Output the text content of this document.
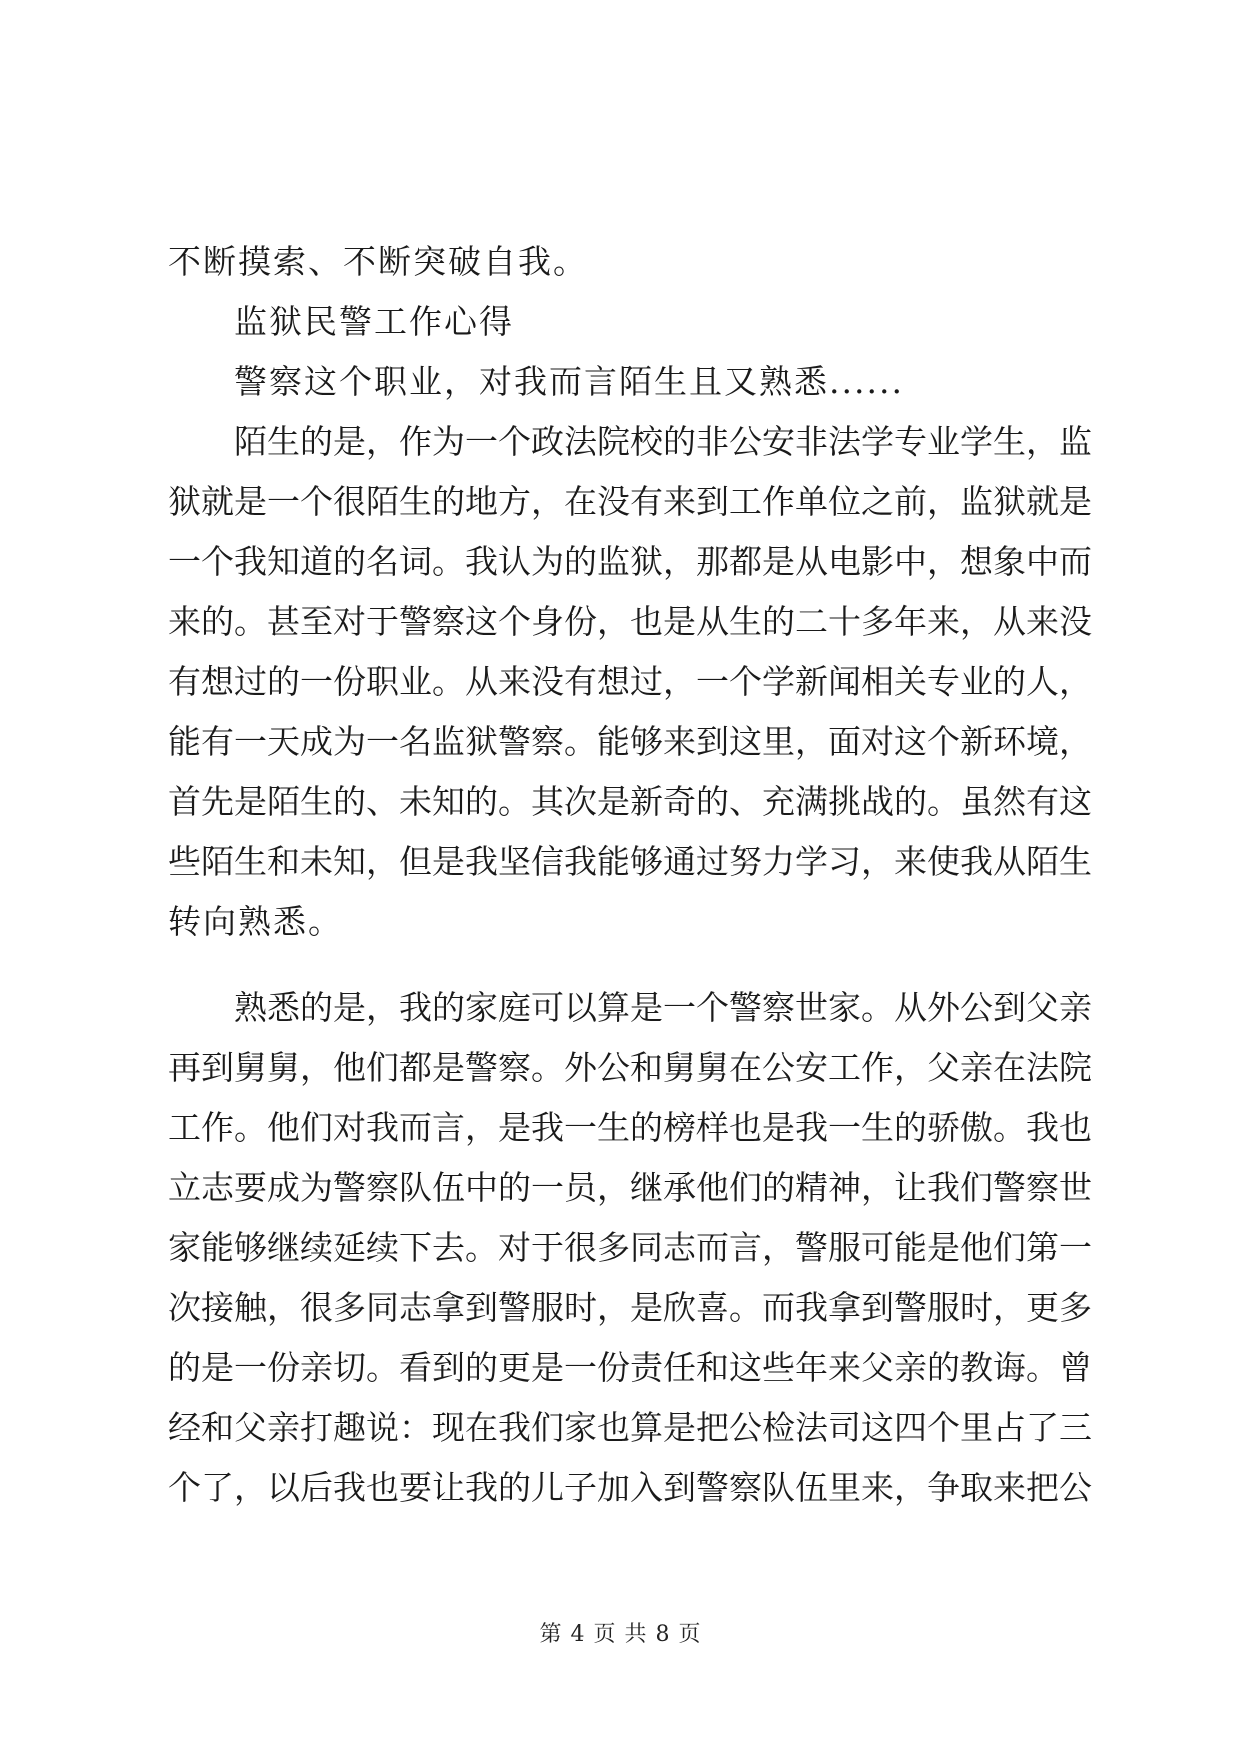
不断摸索、不断突破自我。
监狱民警工作心得
警察这个职业，对我而言陌生且又熟悉......
陌生的是，作为一个政法院校的非公安非法学专业学生，监
狱就是一个很陌生的地方，在没有来到工作单位之前，监狱就是
一个我知道的名词。我认为的监狱，那都是从电影中，想象中而
来的。甚至对于警察这个身份，也是从生的二十多年来，从来没
有想过的一份职业。从来没有想过，一个学新闻相关专业的人，
能有一天成为一名监狱警察。能够来到这里，面对这个新环境，
首先是陌生的、未知的。其次是新奇的、充满挑战的。虽然有这
些陌生和未知，但是我坚信我能够通过努力学习，来使我从陌生
转向熟悉。
熟悉的是，我的家庭可以算是一个警察世家。从外公到父亲
再到舅舅，他们都是警察。外公和舅舅在公安工作，父亲在法院
工作。他们对我而言，是我一生的榜样也是我一生的骄傲。我也
立志要成为警察队伍中的一员，继承他们的精神，让我们警察世
家能够继续延续下去。对于很多同志而言，警服可能是他们第一
次接触，很多同志拿到警服时，是欣喜。而我拿到警服时，更多
的是一份亲切。看到的更是一份责任和这些年来父亲的教诲。曾
经和父亲打趣说：现在我们家也算是把公检法司这四个里占了三
个了，以后我也要让我的儿子加入到警察队伍里来，争取来把公
第 4 页 共 8 页
